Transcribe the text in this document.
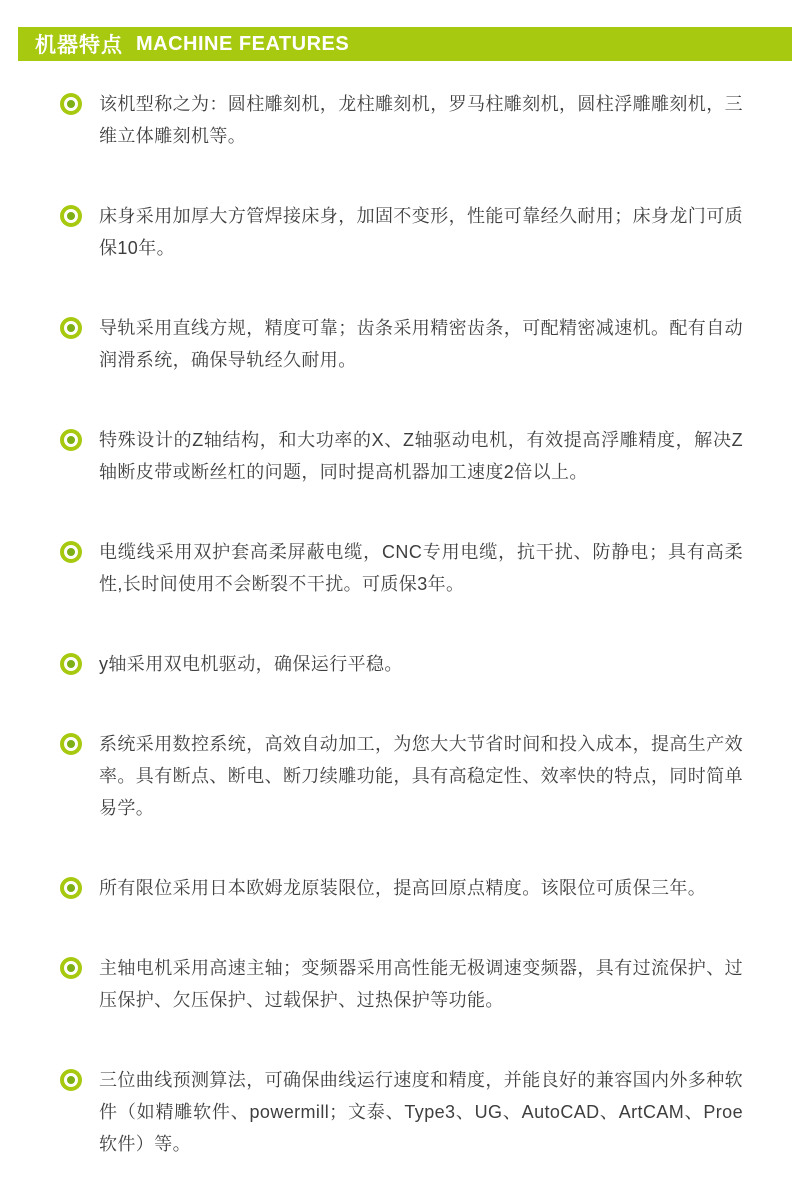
机器特点 MACHINE FEATURES

该机型称之为：圆柱雕刻机，龙柱雕刻机，罗马柱雕刻机，圆柱浮雕雕刻机，三维立体雕刻机等。

床身采用加厚大方管焊接床身，加固不变形，性能可靠经久耐用；床身龙门可质保10年。

导轨采用直线方规，精度可靠；齿条采用精密齿条，可配精密减速机。配有自动润滑系统，确保导轨经久耐用。

特殊设计的Z轴结构，和大功率的X、Z轴驱动电机，有效提高浮雕精度，解决Z轴断皮带或断丝杠的问题，同时提高机器加工速度2倍以上。

电缆线采用双护套高柔屏蔽电缆，CNC专用电缆，抗干扰、防静电；具有高柔性,长时间使用不会断裂不干扰。可质保3年。

y轴采用双电机驱动，确保运行平稳。

系统采用数控系统，高效自动加工，为您大大节省时间和投入成本，提高生产效率。具有断点、断电、断刀续雕功能，具有高稳定性、效率快的特点，同时简单易学。

所有限位采用日本欧姆龙原装限位，提高回原点精度。该限位可质保三年。

主轴电机采用高速主轴；变频器采用高性能无极调速变频器，具有过流保护、过压保护、欠压保护、过载保护、过热保护等功能。

三位曲线预测算法，可确保曲线运行速度和精度，并能良好的兼容国内外多种软件（如精雕软件、powermill；文泰、Type3、UG、AutoCAD、ArtCAM、Proe软件）等。
